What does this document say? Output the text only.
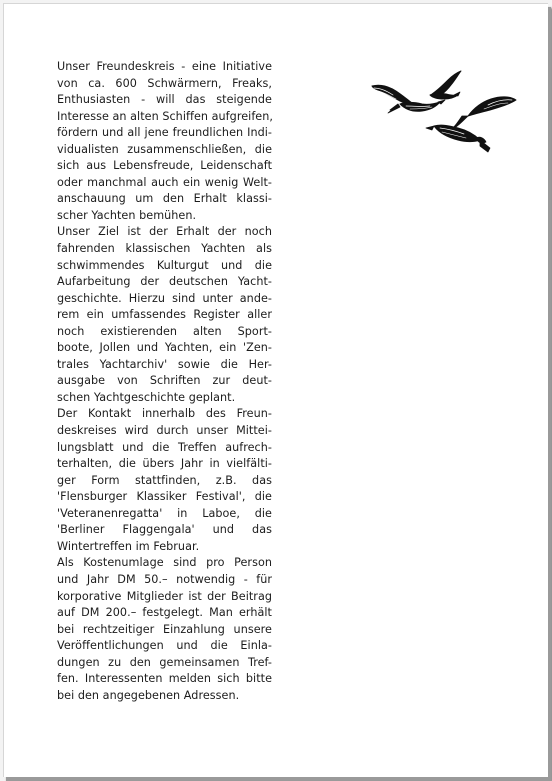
Unser Freundeskreis - eine Initiative
von ca. 600 Schwärmern, Freaks,
Enthusiasten - will das steigende
Interesse an alten Schiffen aufgreifen,
fördern und all jene freundlichen Indi-
vidualisten zusammenschließen, die
sich aus Lebensfreude, Leidenschaft
oder manchmal auch ein wenig Welt-
anschauung um den Erhalt klassi-
scher Yachten bemühen.
Unser Ziel ist der Erhalt der noch
fahrenden klassischen Yachten als
schwimmendes Kulturgut und die
Aufarbeitung der deutschen Yacht-
geschichte. Hierzu sind unter ande-
rem ein umfassendes Register aller
noch existierenden alten Sport-
boote, Jollen und Yachten, ein 'Zen-
trales Yachtarchiv' sowie die Her-
ausgabe von Schriften zur deut-
schen Yachtgeschichte geplant.
Der Kontakt innerhalb des Freun-
deskreises wird durch unser Mittei-
lungsblatt und die Treffen aufrech-
terhalten, die übers Jahr in vielfälti-
ger Form stattfinden, z.B. das
'Flensburger Klassiker Festival', die
'Veteranenregatta' in Laboe, die
'Berliner Flaggengala' und das
Wintertreffen im Februar.
Als Kostenumlage sind pro Person
und Jahr DM 50.– notwendig - für
korporative Mitglieder ist der Beitrag
auf DM 200.– festgelegt. Man erhält
bei rechtzeitiger Einzahlung unsere
Veröffentlichungen und die Einla-
dungen zu den gemeinsamen Tref-
fen. Interessenten melden sich bitte
bei den angegebenen Adressen.
